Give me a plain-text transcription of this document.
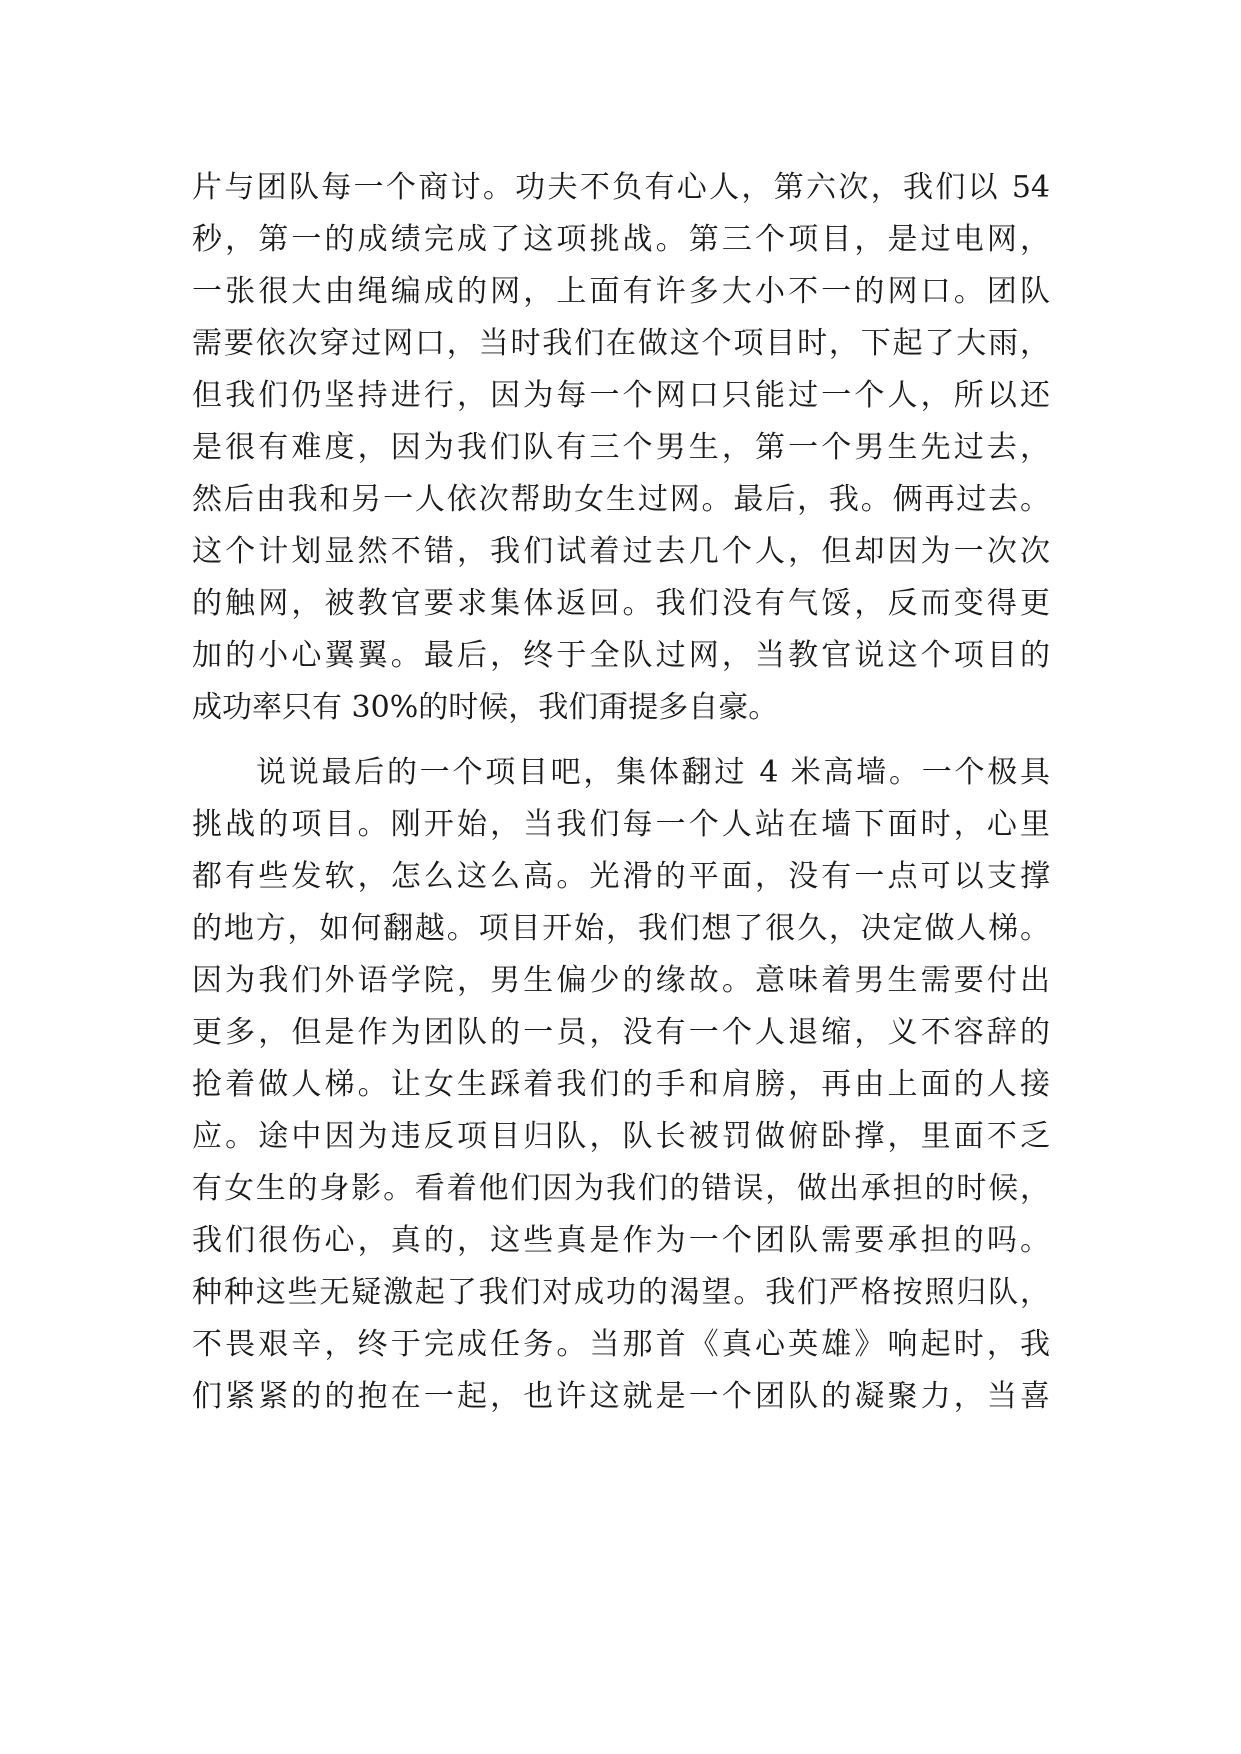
片与团队每一个商讨。功夫不负有心人，第六次，我们以 54
秒，第一的成绩完成了这项挑战。第三个项目，是过电网，
一张很大由绳编成的网，上面有许多大小不一的网口。团队
需要依次穿过网口，当时我们在做这个项目时，下起了大雨，
但我们仍坚持进行，因为每一个网口只能过一个人，所以还
是很有难度，因为我们队有三个男生，第一个男生先过去，
然后由我和另一人依次帮助女生过网。最后，我。俩再过去。
这个计划显然不错，我们试着过去几个人，但却因为一次次
的触网，被教官要求集体返回。我们没有气馁，反而变得更
加的小心翼翼。最后，终于全队过网，当教官说这个项目的
成功率只有 30%的时候，我们甭提多自豪。
说说最后的一个项目吧，集体翻过 4 米高墙。一个极具
挑战的项目。刚开始，当我们每一个人站在墙下面时，心里
都有些发软，怎么这么高。光滑的平面，没有一点可以支撑
的地方，如何翻越。项目开始，我们想了很久，决定做人梯。
因为我们外语学院，男生偏少的缘故。意味着男生需要付出
更多，但是作为团队的一员，没有一个人退缩，义不容辞的
抢着做人梯。让女生踩着我们的手和肩膀，再由上面的人接
应。途中因为违反项目归队，队长被罚做俯卧撑，里面不乏
有女生的身影。看着他们因为我们的错误，做出承担的时候，
我们很伤心，真的，这些真是作为一个团队需要承担的吗。
种种这些无疑激起了我们对成功的渴望。我们严格按照归队，
不畏艰辛，终于完成任务。当那首《真心英雄》响起时，我
们紧紧的的抱在一起，也许这就是一个团队的凝聚力，当喜
